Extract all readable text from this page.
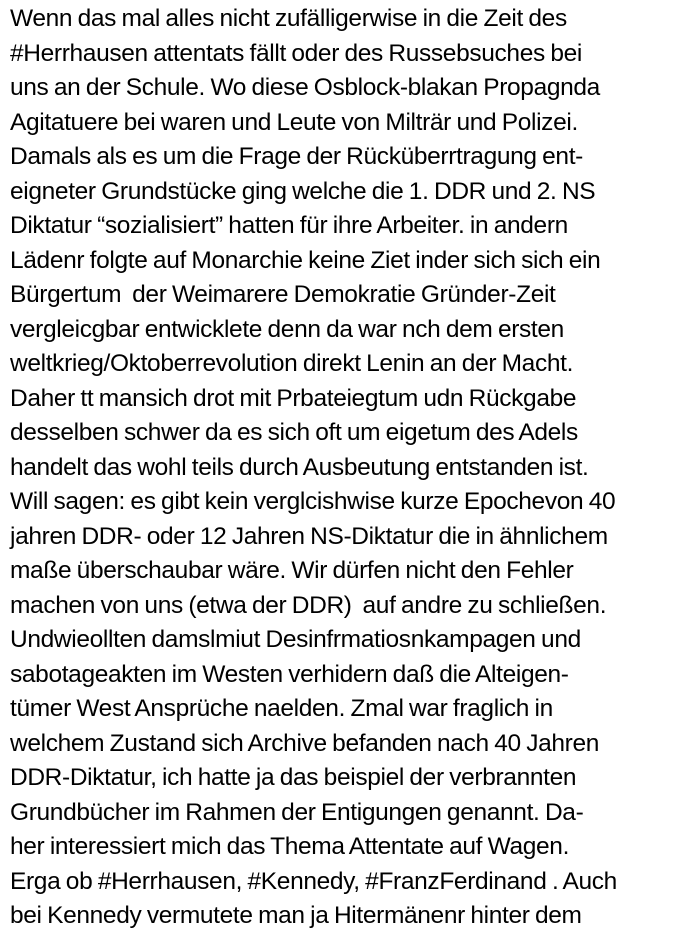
Wenn das mal alles nicht zufälligerwise in die Zeit des
#Herrhausen attentats fällt oder des Russebsuches bei
uns an der Schule. Wo diese Osblock-blakan Propagnda
Agitatuere bei waren und Leute von Milträr und Polizei.
Damals als es um die Frage der Rücküberrtragung ent-
eigneter Grundstücke ging welche die 1. DDR und 2. NS
Diktatur “sozialisiert” hatten für ihre Arbeiter. in andern
Lädenr folgte auf Monarchie keine Ziet inder sich sich ein
Bürgertum  der Weimarere Demokratie Gründer-Zeit
vergleicgbar entwicklete denn da war nch dem ersten
weltkrieg/Oktoberrevolution direkt Lenin an der Macht.
Daher tt mansich drot mit Prbateiegtum udn Rückgabe
desselben schwer da es sich oft um eigetum des Adels
handelt das wohl teils durch Ausbeutung entstanden ist.
Will sagen: es gibt kein verglcishwise kurze Epochevon 40
jahren DDR- oder 12 Jahren NS-Diktatur die in ähnlichem
maße überschaubar wäre. Wir dürfen nicht den Fehler
machen von uns (etwa der DDR)  auf andre zu schließen.
Undwieollten damslmiut Desinfrmatiosnkampagen und
sabotageakten im Westen verhidern daß die Alteigen-
tümer West Ansprüche naelden. Zmal war fraglich in
welchem Zustand sich Archive befanden nach 40 Jahren
DDR-Diktatur, ich hatte ja das beispiel der verbrannten
Grundbücher im Rahmen der Entigungen genannt. Da-
her interessiert mich das Thema Attentate auf Wagen.
Erga ob #Herrhausen, #Kennedy, #FranzFerdinand . Auch
bei Kennedy vermutete man ja Hitermänenr hinter dem
